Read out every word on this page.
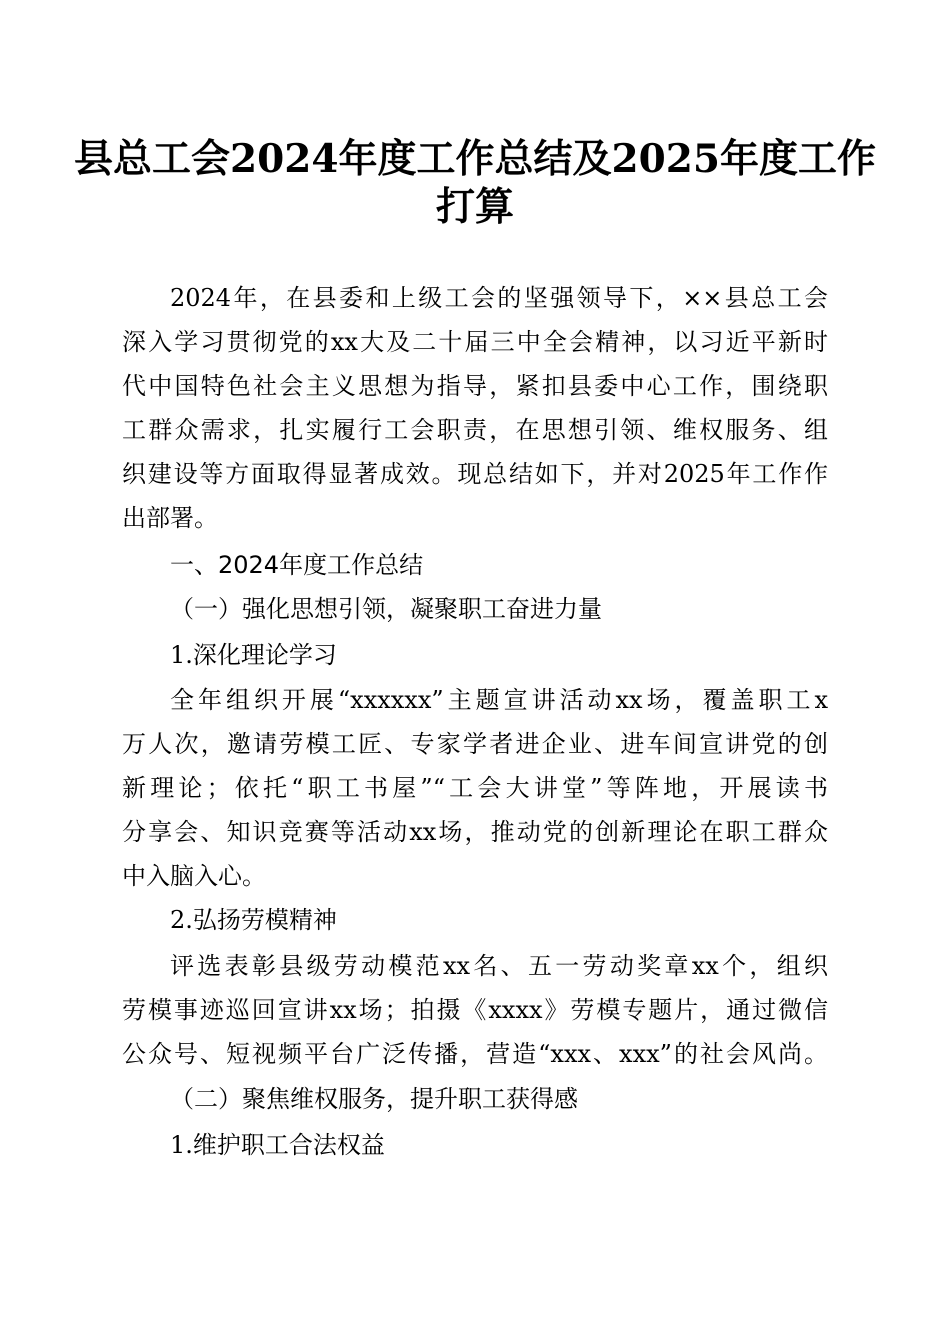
县总工会2024年度工作总结及2025年度工作
打算
2024年，在县委和上级工会的坚强领导下，××县总工会
深入学习贯彻党的xx大及二十届三中全会精神，以习近平新时
代中国特色社会主义思想为指导，紧扣县委中心工作，围绕职
工群众需求，扎实履行工会职责，在思想引领、维权服务、组
织建设等方面取得显著成效。现总结如下，并对2025年工作作
出部署。
一、2024年度工作总结
（一）强化思想引领，凝聚职工奋进力量
1.深化理论学习
全年组织开展“xxxxxx”主题宣讲活动xx场，覆盖职工x
万人次，邀请劳模工匠、专家学者进企业、进车间宣讲党的创
新理论；依托“职工书屋”“工会大讲堂”等阵地，开展读书
分享会、知识竞赛等活动xx场，推动党的创新理论在职工群众
中入脑入心。
2.弘扬劳模精神
评选表彰县级劳动模范xx名、五一劳动奖章xx个，组织
劳模事迹巡回宣讲xx场；拍摄《xxxx》劳模专题片，通过微信
公众号、短视频平台广泛传播，营造“xxx、xxx”的社会风尚。
（二）聚焦维权服务，提升职工获得感
1.维护职工合法权益
